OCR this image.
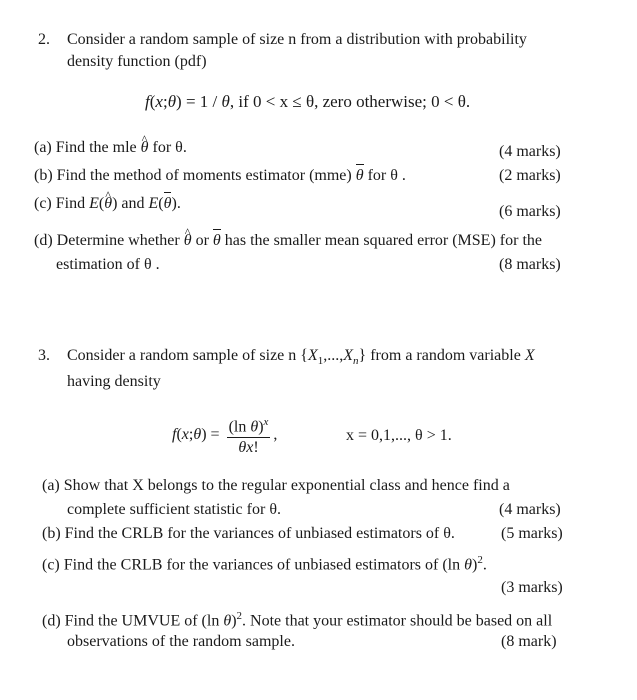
2. Consider a random sample of size n from a distribution with probability
density function (pdf)
f(x;θ) = 1 / θ, if 0 < x ≤ θ, zero otherwise; 0 < θ.
(a) Find the mle ^ θ for θ.	(4 marks)
(b) Find the method of moments estimator (mme) θ for θ .	(2 marks)
(c) Find E(^ θ) and E(θ).	(6 marks)
(d) Determine whether ^ θ or θ has the smaller mean squared error (MSE) for the
estimation of θ .	(8 marks)
3. Consider a random sample of size n $\{X_1,...,X_n\}$ from a random variable X
having density
f(x;θ) = $\frac{(\ln \theta)^x}{\theta x!}$ ,	x = 0,1,..., θ > 1.
(a) Show that X belongs to the regular exponential class and hence find a
complete sufficient statistic for θ.	(4 marks)
(b) Find the CRLB for the variances of unbiased estimators of θ.	(5 marks)
(c) Find the CRLB for the variances of unbiased estimators of (ln θ)$^2$.
(3 marks)
(d) Find the UMVUE of (ln θ)$^2$. Note that your estimator should be based on all
observations of the random sample.	(8 mark)
